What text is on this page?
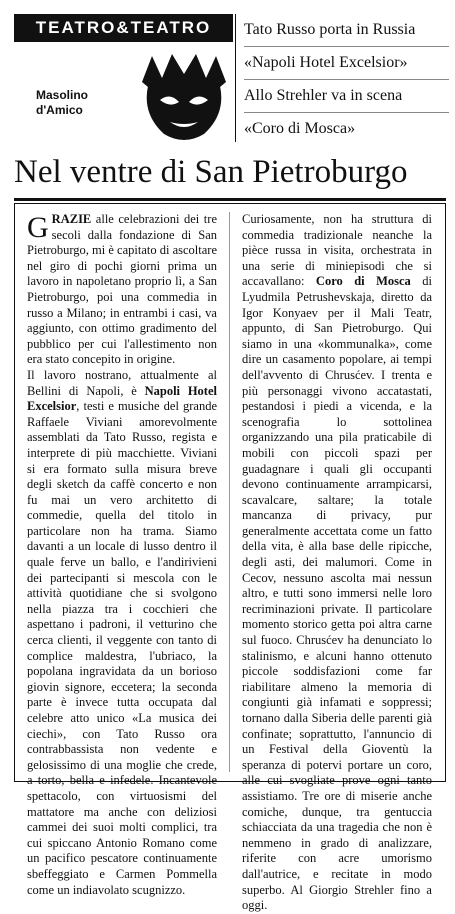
TEATRO&TEATRO
Masolino
d'Amico
Tato Russo porta in Russia
«Napoli Hotel Excelsior»
Allo Strehler va in scena
«Coro di Mosca»
Nel ventre di San Pietroburgo

GRAZIE alle celebrazioni dei tre secoli dalla fondazione di San Pietroburgo, mi è capitato di ascoltare nel giro di pochi giorni prima un lavoro in napoletano proprio lì, a San Pietroburgo, poi una commedia in russo a Milano; in entrambi i casi, va aggiunto, con ottimo gradimento del pubblico per cui l'allestimento non era stato concepito in origine.

Il lavoro nostrano, attualmente al Bellini di Napoli, è Napoli Hotel Excelsior, testi e musiche del grande Raffaele Viviani amorevolmente assemblati da Tato Russo, regista e interprete di più macchiette. Viviani si era formato sulla misura breve degli sketch da caffè concerto e non fu mai un vero architetto di commedie, quella del titolo in particolare non ha trama. Siamo davanti a un locale di lusso dentro il quale ferve un ballo, e l'andirivieni dei partecipanti si mescola con le attività quotidiane che si svolgono nella piazza tra i cocchieri che aspettano i padroni, il vetturino che cerca clienti, il veggente con tanto di complice maldestra, l'ubriaco, la popolana ingravidata da un borioso giovin signore, eccetera; la seconda parte è invece tutta occupata dal celebre atto unico «La musica dei ciechi», con Tato Russo ora contrabbassista non vedente e gelosissimo di una moglie che crede, a torto, bella e infedele. Incantevole spettacolo, con virtuosismi del mattatore ma anche con deliziosi cammei dei suoi molti complici, tra cui spiccano Antonio Romano come un pacifico pescatore continuamente sbeffeggiato e Carmen Pommella come un indiavolato scugnizzo.

Curiosamente, non ha struttura di commedia tradizionale neanche la pièce russa in visita, orchestrata in una serie di miniepisodi che si accavallano: Coro di Mosca di Lyudmila Petrushevskaja, diretto da Igor Konyaev per il Mali Teatr, appunto, di San Pietroburgo. Qui siamo in una «kommunalka», come dire un casamento popolare, ai tempi dell'avvento di Chrusćev. I trenta e più personaggi vivono accatastati, pestandosi i piedi a vicenda, e la scenografia lo sottolinea organizzando una pila praticabile di mobili con piccoli spazi per guadagnare i quali gli occupanti devono continuamente arrampicarsi, scavalcare, saltare; la totale mancanza di privacy, pur generalmente accettata come un fatto della vita, è alla base delle ripicche, degli asti, dei malumori. Come in Cecov, nessuno ascolta mai nessun altro, e tutti sono immersi nelle loro recriminazioni private. Il particolare momento storico getta poi altra carne sul fuoco. Chrusćev ha denunciato lo stalinismo, e alcuni hanno ottenuto piccole soddisfazioni come far riabilitare almeno la memoria di congiunti già infamati e soppressi; tornano dalla Siberia delle parenti già confinate; soprattutto, l'annuncio di un Festival della Gioventù la speranza di potervi portare un coro, alle cui svogliate prove ogni tanto assistiamo. Tre ore di miserie anche comiche, dunque, tra gentuccia schiacciata da una tragedia che non è nemmeno in grado di analizzare, riferite con acre umorismo dall'autrice, e recitate in modo superbo. Al Giorgio Strehler fino a oggi.
